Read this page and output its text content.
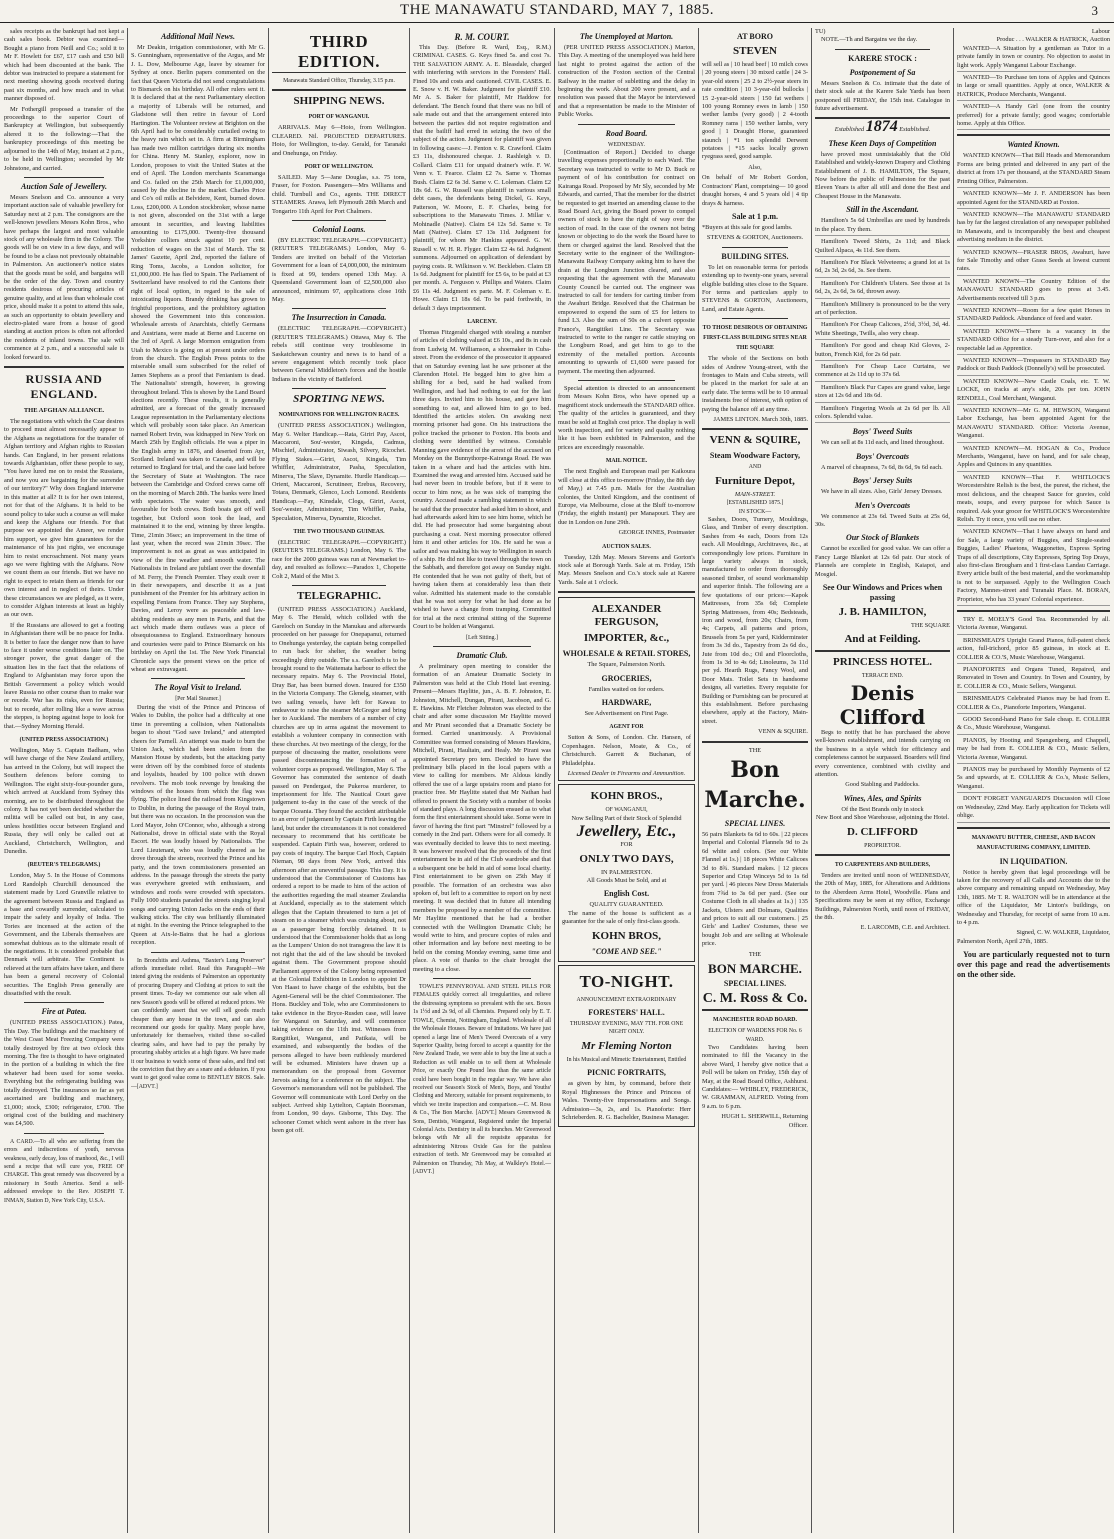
THE MANAWATU STANDARD, MAY 7, 1885.	3

sales receipts as the bankrupt had not kept a cash sales book. Debtor was examined—Bought a piano from Neill and Co.; sold it to Mr F. Howlett for £67, £17 cash and £50 bill which had been discounted at the bank. The debtor was instructed to prepare a statement for next meeting showing goods received during past six months, and how much and in what manner disposed of.

Mr Fothergill proposed a transfer of the proceedings to the superior Court of Bankruptcy at Wellington, but subsequently altered it to the following:—That the bankruptcy proceedings of this meeting be adjourned to the 14th of May, instant at 2 p.m., to be held in Wellington; seconded by Mr Johnstone, and carried.

Auction Sale of Jewellery.

Messrs Snelson and Co. announce a very important auction sale of valuable jewellery for Saturday next at 2 p.m. The consignors are the well-known jewellers Messrs Kohn Bros., who have perhaps the largest and most valuable stock of any wholesale firm in the Colony. The goods will be on view in a few days, and will be found to be a class not previously obtainable in Palmerston. An auctioneer's notice states that the goods must be sold, and bargains will be the order of the day. Town and country residents desirous of procuring articles of genuine quality, and at less than wholesale cost price, should make it a point to attend this sale, as such an opportunity to obtain jewellery and electro-plated ware from a house of good standing at auction prices is often not afforded the residents of inland towns. The sale will commence at 2 p.m., and a successful sale is looked forward to.

RUSSIA AND ENGLAND.
THE AFGHAN ALLIANCE.

The negotiations with which the Czar desires to proceed must almost necessarily appear to the Afghans as negotiations for the transfer of Afghan territory and Afghan rights to Russian hands. Can England, in her present relations towards Afghanistan, offer these people to say, "You have lured me on to resist the Russians, and now you are bargaining for the surrender of our territory?" Why does England intervene in this matter at all? It is for her own interest, not for that of the Afghans. It is held to be sound policy to take such a course as will make and keep the Afghans our friends. For that purpose we appointed the Ameer, we render him support, we give him guarantees for the maintenance of his just rights, we encourage him to resist encroachment. Not many years ago we were fighting with the Afghans. Now we count them as our friends. But we have no right to expect to retain them as friends for our own interest and in neglect of theirs. Under these circumstances we are pledged, as it were, to consider Afghan interests at least as highly as our own.

If the Russians are allowed to get a footing in Afghanistan there will be no peace for India. It is better to face the danger now than to have to face it under worse conditions later on. The stronger power, the great danger of the situation lies in the fact that the relations of England to Afghanistan may force upon the British Government a policy which would leave Russia no other course than to make war or recede. War has its risks, even for Russia; but to recede, after rolling like a wave across the steppes, is hoping against hope to look for that.—Sydney Morning Herald.

(UNITED PRESS ASSOCIATION.)

Wellington, May 5. Captain Badham, who will have charge of the New Zealand artillery, has arrived in the Colony, but will inspect the Southern defences before coming to Wellington. The eight sixty-four-pounder guns, which arrived at Auckland from Sydney this morning, are to be distributed throughout the colony. It has not yet been decided whether the militia will be called out but, in any case, unless hostilities occur between England and Russia, they will only be called out at Auckland, Christchurch, Wellington, and Dunedin.

(REUTER'S TELEGRAMS.)

London, May 5. In the House of Commons Lord Randolph Churchill denounced the statement made by Lord Granville relative to the agreement between Russia and England as a base and cowardly surrender, calculated to impair the safety and loyalty of India. The Tories are incensed at the action of the Government, and the Liberals themselves are somewhat dubious as to the ultimate result of the negotiations. It is considered probable that Denmark will arbitrate. The Continent is relieved at the turn affairs have taken, and there has been a general recovery of Colonial securities. The English Press generally are dissatisfied with the result.

Fire at Patea.

(UNITED PRESS ASSOCIATION.) Patea, This Day. The buildings and the machinery of the West Coast Meat Freezing Company were totally destroyed by fire at two o'clock this morning. The fire is thought to have originated in the portion of a building in which the fire whatever had been used for some weeks. Everything but the refrigerating building was totally destroyed. The insurances so far as yet ascertained are building and machinery, £1,000; stock, £300; refrigerator, £700. The original cost of the building and machinery was £4,500.

A CARD.—To all who are suffering from the errors and indiscretions of youth, nervous weakness, early decay, loss of manhood, &c., I will send a recipe that will cure you, FREE OF CHARGE. This great remedy was discovered by a missionary in South America. Send a self-addressed envelope to the Rev. JOSEPH T. INMAN, Station D, New York City, U.S.A.

Additional Mail News.

Mr Deakin, irrigation commissioner, with Mr G. S. Gunningham, representative of the Argus, and Mr J. L. Dow, Melbourne Age, leave by steamer for Sydney at once. Berlin papers commented on the fact that Queen Victoria did not send congratulations to Bismarck on his birthday. All other rulers sent it. It is declared that at the next Parliamentary election a majority of Liberals will be returned, and Gladstone will then retire in favour of Lord Hartington. The Volunteer review at Brighton on the 6th April had to be considerably curtailed owing to the heavy rain which set in. A firm at Birmingham has made two million cartridges during six months for China. Henry M. Stanley, explorer, now in London, proposes to visit the United States at the end of April. The London merchants Scaramanga and Co. failed on the 25th March for £1,000,000, caused by the decline in the market. Charles Price and Co's oil mills at Belvidere, Kent, burned down. Loss, £200,000. A London stockbroker, whose name is not given, absconded on the 31st with a large amount in securities, and leaving liabilities amounting to £175,000. Twenty-five thousand Yorkshire colliers struck against 10 per cent. reduction of wages on the 31st of March. The St James' Gazette, April 2nd, reported the failure of Ring Toms, Jacobs, a London solicitor, for £1,000,000. He has fled to Spain. The Parliament of Switzerland have resolved to rid the Cantons their right of local option, in regard to the sale of intoxicating liquors. Brandy drinking has grown to frightful proportions, and the prohibitory agitation showed the Government into this concession. Wholesale arrests of Anarchists, chiefly Germans and Austrians, were made at Berne and Lucerne on the 3rd of April. A large Mormon emigration from Utah to Mexico is going on at present under orders from the church. The English Press points to the miserable small sum subscribed for the relief of James Stephens as a proof that Fenianism is dead. The Nationalists' strength, however, is growing throughout Ireland. This is shown by the Land Board elections recently. These results, it is generally admitted, are a forecast of the greatly increased League representation in the Parliamentary elections which will probably soon take place. An American named Robert Irvin, was kidnapped in New York on March 25th by English officials. He was a piper in the English army in 1876, and deserted from Ayr, Scotland. Ireland was taken to Canada, and will be returned to England for trial, and the case laid before the Secretary of State at Washington. The race between the Cambridge and Oxford crews came off on the morning of March 28th. The banks were lined with spectators. The water was smooth, and favourable for both crews. Both boats got off well together, but Oxford soon took the lead, and maintained it to the end, winning by three lengths. Time, 21min 36sec; an improvement in the time of last year, when the record was 21min 39sec. The improvement is not as great as was anticipated in view of the fine weather and smooth water. The Nationalists in Ireland are jubilant over the downfall of M. Ferry, the French Premier. They exult over it in their newspapers, and describe it as a just punishment of the Premier for his arbitrary action in expelling Fenians from France. They say Stephens, Davies, and Leroy were as peaceable and law-abiding residents as any men in Paris, and that the act which made them outlaws was a piece of obsequiousness to England. Extraordinary honours and courtesies were paid to Prince Bismarck on his birthday on April the 1st. The New York Financial Chronicle says the present views on the price of wheat are extravagant.

The Royal Visit to Ireland.
[Per Mail Steamer.]

During the visit of the Prince and Princess of Wales to Dublin, the police had a difficulty at one time in preventing a collision, when Nationalists began to shout "God save Ireland," and attempted cheers for Parnell. An attempt was made to burn the Union Jack, which had been stolen from the Mansion House by students, but the attacking party were driven off by the combined force of students and loyalists, headed by 100 police with drawn revolvers. The mob took revenge by breaking the windows of the houses from which the flag was flying. The police lined the railroad from Kingstown to Dublin, in during the passage of the Royal train, but there was no occasion. In the procession was the Lord Mayor, John O'Connor, who, although a strong Nationalist, drove in official state with the Royal Escort. He was loudly hissed by Nationalists. The Lord Lieutenant, who was loudly cheered as he drove through the streets, received the Prince and his party, and the town commissioners presented an address. In the passage through the streets the party was everywhere greeted with enthusiasm, and windows and roofs were crowded with spectators. Fully 1000 students paraded the streets singing loyal songs and carrying Union Jacks on the ends of their walking sticks. The city was brilliantly illuminated at night. In the evening the Prince telegraphed to the Queen at Aix-le-Bains that he had a glorious reception.

In Bronchitis and Asthma, "Baxter's Lung Preserver" affords immediate relief. Read this Paragraph!—We intend giving the residents of Palmerston an opportunity of procuring Drapery and Clothing at prices to suit the present times. To-day we commence our sale when all new Season's goods will be offered at reduced prices. We can confidently assert that we will sell goods much cheaper than any house in the town, and can also recommend our goods for quality. Many people have, unfortunately for themselves, visited these so-called clearing sales, and have had to pay the penalty by procuring shabby articles at a high figure. We have made it our business to watch some of these sales, and find out the conviction that they are a snare and a delusion. If you want to get good value come to BENTLEY BROS. Sale.—[ADVT.]

THIRD EDITION.
Manawatu Standard Office, Thursday, 3.15 p.m.
SHIPPING NEWS.
PORT OF WANGANUI.

ARRIVALS. May 6—Hoio, from Wellington. CLEARED. Nil. PROJECTED DEPARTURES. Hoio, for Wellington, to-day. Gerald, for Taranaki and Onehunga, on Friday.

PORT OF WELLINGTON.

SAILED. May 5—Jane Douglas, s.s. 75 tons, Fraser, for Foxton. Passengers—Mrs Williams and child. Turnbull and Co., agents. THE DIRECT STEAMERS. Arawa, left Plymouth 28th March and Tongariro 11th April for Port Chalmers.

Colonial Loans.

(BY ELECTRIC TELEGRAPH.—COPYRIGHT.) (REUTER'S TELEGRAMS.) London, May 6. Tenders are invited on behalf of the Victorian Government for a loan of £4,000,000, the minimum is fixed at 99, tenders opened 13th May. A Queensland Government loan of £2,500,000 also announced, minimum 97, applications close 16th May.

The Insurrection in Canada.

(ELECTRIC TELEGRAPH.—COPYRIGHT.) (REUTER'S TELEGRAMS.) Ottawa, May 6. The rebels still continue very troublesome in Saskatchewan country and news is to hand of a severe engagement which recently took place between General Middleton's forces and the hostile Indians in the vicinity of Battleford.

SPORTING NEWS.
NOMINATIONS FOR WELLINGTON RACES.

(UNITED PRESS ASSOCIATION.) Wellington, May 6. Welter Handicap.—Rata, Giriri Pay, Ascot, Maccaroni, Sou'-wester, Kingsda, Cadmus, Mischief, Administrator, Siwash, Silvery, Ricochet. Flying Stakes.—Giriri, Ascot, Kingsda, Tim Whiffler, Administrator, Pasha, Speculation, Minerva, The Slave, Dynamite. Hurdle Handicap.—Orient, Maccaroni, Scrutineer, Erebus, Recovery, Totara, Denmark, Glenco, Loch Lomond. Residents Handicap.—Fay, Kinsdale, Clogs, Giriri, Ascot, Sou'-wester, Administrator, Tim Whiffler, Pasha, Speculation, Minerva, Dynamite, Ricochet.

THE TWO THOUSAND GUINEAS.

(ELECTRIC TELEGRAPH.—COPYRIGHT.) (REUTER'S TELEGRAMS.) London, May 6. The race for the 2000 guineas was run at Newmarket to-day, and resulted as follows:—Paradox 1, Chopette Colt 2, Maid of the Mist 3.

TELEGRAPHIC.

(UNITED PRESS ASSOCIATION.) Auckland, May 6. The Herald, which collided with the Gareloch on Sunday in the Manukau and afterwards proceeded on her passage for Onepapanui, returned to Onehunga yesterday, the captain being compelled to run back for shelter, the weather being exceedingly dirty outside. The s.s. Gareloch is to be brought round to the Waitemata harbour to effect the necessary repairs. May 6. The Provincial Hotel, Dray Bar, has been burned down. Insured for £350 in the Victoria Company. The Glenelg, steamer, with two sailing vessels, have left for Kawau to endeavour to raise the steamer McGregor and bring her to Auckland. The members of a number of city churches are up in arms against the movement to establish a volunteer company in connection with these churches. At two meetings of the clergy, for the purpose of discussing the matter, resolutions were passed discountenancing the formation of a volunteer corps as proposed. Wellington, May 6. The Governor has commuted the sentence of death passed on Pendergast, the Pukeroa murderer, to imprisonment for life. The Nautical Court gave judgement to-day in the case of the wreck of the barque Oceania. They found the accident attributable to an error of judgement by Captain Firth leaving the land, but under the circumstances it is not considered necessary to recommend that his certificate be suspended. Captain Firth was, however, ordered to pay costs of inquiry. The barque Carl Hoch, Captain Nieman, 98 days from New York, arrived this afternoon after an uneventful passage. This Day. It is understood that the Commissioner of Customs has ordered a report to be made to him of the action of the authorities regarding the mail steamer Zealandia at Auckland, especially as to the statement which alleges that the Captain threatened to turn a jet of steam on to a steamer which was cruising about, not as a passenger being forcibly detained. It is understood that the Commissioner holds that as long as the Lumpers' Union do not transgress the law it is not right that the aid of the law should be invoked against them. The Government propose should Parliament approve of the Colony being represented at the Colonial Exhibition in London to appoint Dr Von Haast to have charge of the exhibits, but the Agent-General will be the chief Commissioner. The Hons. Buckley and Tole, who are Commissioners to take evidence in the Bryce-Rusden case, will leave for Wanganui on Saturday, and will commence taking evidence on the 11th inst. Witnesses from Rangitikei, Wanganui, and Patikaia, will be examined, and subsequently the bodies of the persons alleged to have been ruthlessly murdered will be exhumed. Ministers have drawn up a memorandum on the proposal from Governor Jervois asking for a conference on the subject. The Governor's memorandum will not be published. The Governor will communicate with Lord Derby on the subject. Arrived ship Lyttelton, Captain Boorsman, from London, 90 days. Gisborne, This Day. The schooner Comet which went ashore in the river has been got off.

R. M. COURT.

This Day. (Before R. Ward, Esq., R.M.) CRIMINAL CASES. G. Keys fined 5s. and cost 7s. THE SALVATION ARMY. A. E. Bleasdale, charged with interfering with services in the Foresters' Hall. Fined 10s and costs and cautioned. CIVIL CASES. E. E. Snow v. H. W. Baker. Judgment for plaintiff £10. Mr A. S. Baker for plaintiff, Mr Haddow for defendant. The Bench found that there was no bill of sale made out and that the arrangement entered into between the parties did not require registration and that the bailiff had erred in seizing the two of the subject of the action. Judgment for plaintiff was given in following cases:—J. Fenton v. R. Crawford. Claim £3 11s, dishonoured cheque. J. Rashleigh v. D. Collard. Claim £11 for unpaid drainer's wife. F. W. Venn v. T. Fearce. Claim £2 7s. Same v. Thomas Bush. Claim £2 6s 3d. Same v. C. Loleman. Claim £2 18s 6d. G. W. Russell was plaintiff in various small debt cases, the defendants being Dickel, G. Keys, Patterson, W. Moore, E. F. Charles, being for subscriptions to the Manawatu Times. J. Millar v. Mohinadle (Native). Claim £4 12s 5d. Same v. Te Mati (Native). Claim £7 13s 11d. Judgment for plaintiff, for whom Mr Hankins appeared. G. W. Russell v. W. H. R. Flyger. Claim £2 4s 6d. Judgment summons. Adjourned on application of defendant by paying costs. R. Wilkinson v. W. Beckleben. Claim £8 1s 6d. Judgment for plaintiff for £5 6s, to be paid at £3 per month. A. Ferguson v. Phillips and Waters. Claim £6 11s 4d. Judgment ex parte. M. F. Coleman v. E. Howe. Claim £1 18s 6d. To be paid forthwith, in default 3 days imprisonment.

LARCENY.

Thomas Fitzgerald charged with stealing a number of articles of clothing valued at £6 10s., and 8s in cash from Ludwig M. Williamson, a shoemaker in Cuba-street. From the evidence of the prosecutor it appeared that on Saturday evening last he saw prisoner at the Clarendon Hotel. He begged him to give him a shilling for a bed, said he had walked from Wellington, and had had nothing to eat for the last three days. Invited him to his house, and gave him something to eat, and allowed him to go to bed. Identified the articles stolen. On awaking next morning prisoner had gone. On his instructions the police tracked the prisoner to Foxton. His boots and clothing were identified by witness. Constable Manning gave evidence of the arrest of the accused on Monday on the Bunnythorpe-Kairanga Road. He was taken in a whare and had the articles with him. Examined the swag and arrested him. Accused said he had never been in trouble before, but if it were to occur to him now, as he was sick of tramping the country. Accused made a rambling statement in which he said that the prosecutor had asked him to shoot, and had afterwards asked him to see him home, which he did. He had prosecutor had some bargaining about purchasing a coat. Next morning prosecutor offered him it and other articles for 10s. He said he was a sailor and was making his way to Wellington in search of a ship. He did not like to travel through the town on the Sabbath, and therefore got away on Sunday night. He contended that he was not guilty of theft, but of having taken them at considerably less than their value. Admitted his statement made to the constable that he was not sorry for what he had done as he wished to have a change from tramping. Committed for trial at the next criminal sitting of the Supreme Court to be holden at Wanganui.

[Left Sitting.]
Dramatic Club.

A preliminary open meeting to consider the formation of an Amateur Dramatic Society in Palmerston was held at the Club Hotel last evening. Present—Messrs Haylitte, jun., A. B. F. Johnston, E. Johnston, Mitchell, Dungan, Pirani, Jacobson, and G. E. Hawkins. Mr Fletcher Johnston was elected to the chair and after some discussion Mr Haylitte moved and Mr Pirani seconded that a Dramatic Society be formed. Carried unanimously. A Provisional Committee was formed consisting of Messrs Hawkins, Mitchell, Pirani, Haultain, and Healy. Mr Pirani was appointed Secretary pro tem. Decided to have the preliminary bills placed in the local papers with a view to calling for members. Mr Aldous kindly offered the use of a large upstairs room and piano for practice free. Mr Haylitte stated that Mr Nathan had offered to present the Society with a number of books of standard plays. A long discussion ensued as to what form the first entertainment should take. Some were in favor of having the first part "Minstrel" followed by a comedy in the 2nd part. Others were for all comedy. It was eventually decided to leave this to next meeting. It was however resolved that the proceeds of the first entertainment be in aid of the Club wardrobe and that a subsequent one be held in aid of some local charity. First entertainment to be given on 25th May if possible. The formation of an orchestra was also spoken of, but left to a committee to report on by next meeting. It was decided that in future all intending members be proposed by a member of the committee. Mr Haylitte mentioned that he had a brother connected with the Wellington Dramatic Club; he would write to him, and procure copies of rules and other information and lay before next meeting to be held on the coming Monday evening, same time and place. A vote of thanks to the chair brought the meeting to a close.

TOWLE'S PENNYROYAL AND STEEL PILLS FOR FEMALES quickly correct all irregularities, and relieve the distressing symptoms so prevalent with the sex. Boxes 1s 1½d and 2s 9d, of all Chemists. Prepared only by E. T. TOWLE, Chemist, Nottingham, England. Wholesale of all the Wholesale Houses. Beware of Imitations. We have just opened a large line of Men's Tweed Overcoats of a very Superior Quality, being forced to accept a quantity for the New Zealand Trade, we were able to buy the line at such a Reduction as will enable us to sell them at Wholesale Price, or exactly One Pound less than the same article could have been bought in the regular way. We have also received our Season's Stock of Men's, Boys, and Youths' Clothing and Mercery, suitable for present requirements, to which we invite inspection and comparison.—C. M. Ross & Co., The Bon Marche. [ADVT.] Messrs Greenwood & Sons, Dentists, Wanganui, Registered under the Imperial Colonial Acts. Dentistry in all its branches. Mr Greenwood belongs with Mr all the requisite apparatus for administering Nitrous Oxide Gas for the painless extraction of teeth. Mr Greenwood may be consulted at Palmerston on Thursday, 7th May, at Walkley's Hotel.—[ADVT.]

The Unemployed at Marton.

(PER UNITED PRESS ASSOCIATION.) Marton, This Day. A meeting of the unemployed was held here last night to protest against the action of the construction of the Foxton section of the Central Railway in the matter of subletting and the delay in beginning the work. About 200 were present, and a resolution was passed that the Mayor be interviewed and that a representation be made to the Minister of Public Works.

Road Board.
WEDNESDAY.

[Continuation of Report.] Decided to charge travelling expenses proportionally to each Ward. The Secretary was instructed to write to Mr D. Buck re payment of of his contribution for contract on Kairanga Road. Proposed by Mr Sly, seconded by Mr Edwards, and carried, That the member for the district be requested to get inserted an amending clause to the Road Board Act, giving the Board power to compel owners of stock to have the right of way over the section of road. In the case of the owners not being known or objecting to do the work the Board have to them or charged against the land. Resolved that the Secretary write to the engineer of the Wellington-Manawatu Railway Company asking him to have the drain at the Longburn Junction cleared, and also requesting that the agreement with the Manawatu County Council be carried out. The engineer was instructed to call for tenders for carting timber from the Awahuri Bridge. Resolved that the Chairman be empowered to expend the sum of £5 for letters to fund L3. Also the sum of 50s on a culvert opposite France's, Rangitikei Line. The Secretary was instructed to write to the ranger re cattle straying on the Longburn Road, and get him to go to the extremity of the metalled portion. Accounts amounting to upwards of £1,600 were passed for payment. The meeting then adjourned.

Special attention is directed to an announcement from Messrs Kohn Bros, who have opened up a magnificent stock underneath the STANDARD office. The quality of the articles is guaranteed, and they must be sold at English cost price. The display is well worth inspection, and for variety and quality nothing like it has been exhibited in Palmerston, and the prices are exceedingly reasonable.

MAIL NOTICE.

The next English and European mail per Kaikoura will close at this office to-morrow (Friday, the 8th day of May,) at 7.45 p.m. Mails for the Australian colonies, the United Kingdom, and the continent of Europe, via Melbourne, close at the Bluff to-morrow (Friday, the eighth instant) per Manapouri. They are due in London on June 29th.

GEORGE INNES, Postmaster
AUCTION SALES.

Tuesday, 12th May. Messrs Stevens and Gorton's stock sale at Borough Yards. Sale at m. Friday, 15th May. Messrs Snelson and Co.'s stock sale at Karere Yards. Sale at 1 o'clock.

ALEXANDER FERGUSON,
IMPORTER, &c.,
WHOLESALE & RETAIL STORES,
The Square, Palmerston North.
GROCERIES,
Families waited on for orders.
HARDWARE,
See Advertisement on First Page.
AGENT FOR

Sutton & Sons, of London. Chr. Hansen, of Copenhagen. Nelson, Moate, & Co., of Christchurch. Garrett & Buchanan, of Philadelphia.

Licensed Dealer in Firearms and Ammunition.
KOHN BROS.,
OF WANGANUI,
Now Selling Part of their Stock of Splendid
Jewellery, Etc.,
FOR
ONLY TWO DAYS,
IN PALMERSTON.
All Goods Must be Sold, and at
English Cost.
QUALITY GUARANTEED.

The name of the house is sufficient as a guarantee for the sale of only first-class goods.

KOHN BROS,
"COME AND SEE."
TO-NIGHT.
ANNOUNCEMENT EXTRAORDINARY
FORESTERS' HALL.
THURSDAY EVENING, MAY 7TH. FOR ONE NIGHT ONLY.
Mr Fleming Norton
In his Musical and Mimetic Entertainment, Entitled
PICNIC FORTRAITS,

as given by him, by command, before their Royal Highnesses the Prince and Princess of Wales. Twenty-five Impersonations and Songs. Admission—3s, 2s, and 1s. Pianoforte: Herr Schrieberden. R. G. Bachelder, Business Manager.

AT BORO
STEVEN
will sell as | 10 head beef | 10 milch cows | 20 young steers | 30 mixed cattle | 24 3-year-old steers | 25 2 to 2½-year steers in rate condition | 10 3-year-old bullocks | 15 2-year-old steers | 150 fat wethers | 100 young Romney ewes in lamb | 150 wether lambs (very good) | 2 4-tooth Romney rams | 150 wether lambs, very good | 1 Draught Horse, guaranteed staunch | *1 ton splendid Derwent potatoes | *15 sacks locally grown ryegrass seed, good sample.
Also,
On behalf of Mr Robert Gordon, Contractors' Plant, comprising— 10 good draught horses, 4 and 5 years old | 4 tip drays & harness.
Sale at 1 p.m.
*Buyers at this sale for good lambs.
STEVENS & GORTON, Auctioneers.
BUILDING SITES.

To let on reasonable terms for periods extending up to twenty-one years, several eligible building sites close to the Square. For terms and particulars apply to STEVENS & GORTON, Auctioneers, Land, and Estate Agents.

TO THOSE DESIROUS OF OBTAINING FIRST-CLASS BUILDING SITES NEAR THE SQUARE

The whole of the Sections on both sides of Andrew Young-street, with the frontages to Main and Cuba streets, will be placed in the market for sale at an early date. The terms will be to 10 annual instalments free of interest, with option of paying the balance off at any time.

JAMES LINTON. March 30th, 1885.
VENN & SQUIRE,
Steam Woodware Factory,
AND
Furniture Depot,
MAIN-STREET.
[ESTABLISHED 1875.]
IN STOCK—

Sashes, Doors, Turnery, Mouldings, Glass, and Timber of every description. Sashes from 4s each, Doors from 12s each. All Mouldings, Architraves, &c., at correspondingly low prices. Furniture in large variety always in stock, manufactured to order from thoroughly seasoned timber, of sound workmanship and superior finish. The following are a few quotations of our prices:—Kapok Mattresses, from 35s 6d; Complete Spring Mattresses, from 40s; Bedsteads, iron and wood, from 20s; Chairs, from 4s; Carpets, all patterns and prices, Brussels from 5s per yard, Kidderminster from 3s 3d do., Tapestry from 2s 6d do., Jute from 10d do.; Oil and Floorcloths, from 1s 3d to 4s 6d; Linoleums, 3s 11d per yd. Hearth Rugs, Fancy Wool, and Door Mats. Toilet Sets in handsome designs, all varieties. Every requisite for Building or Furnishing can be procured at this establishment. Before purchasing elsewhere, apply at the Factory, Main-street.

VENN & SQUIRE.
THE
Bon Marche.
SPECIAL LINES.
56 pairs Blankets 6s 6d to 60s. | 22 pieces Imperial and Colonial Flannels 9d to 2s 6d white and colors. (See our White Flannel at 1s.) | 18 pieces White Calicoes 3d to 8¾. Standard makes. | 12 pieces Superior and Crisp Winceys 5d to 1s 6d per yard. | 46 pieces New Dress Materials from 7¾d to 3s 6d per yard. (See our Costume Cloth in all shades at 1s.) | 135 Jackets, Ulsters and Dolmans, Qualities and prices to suit all our customers. | 25 Girls' and Ladies' Costumes, these we bought Job and are selling at Wholesale price.
THE
BON MARCHE.
SPECIAL LINES.
C. M. Ross & Co.
MANCHESTER ROAD BOARD.
ELECTION OF WARDENS FOR No. 6 WARD.

Two Candidates having been nominated to fill the Vacancy in the above Ward, I hereby give notice that a Poll will be taken on Friday, 15th day of May, at the Road Board Office, Ashhurst. Candidates:— WHIBLEY, FREDERICK, W. GRAMMAN, ALFRED. Voting from 9 a.m. to 6 p.m.

HUGH L. SHERWILL, Returning Officer.
TU)

NOTE.—Th and Bargains we the day.

KARERE STOCK :
Postponement of Sa

Messrs Snelson & Co. intimate that the date of their stock sale at the Karere Sale Yards has been postponed till FRIDAY, the 15th inst. Catalogue in future advertisement.

Established 1874 Established.
These Keen Days of Competition

have proved most unmistakably that the Old Established and widely-known Drapery and Clothing Establishment of J. B. HAMILTON, The Square, Now before the public of Palmerston for the past Eleven Years is after all still and done the Best and Cheapest House in the Manawatu.

Still in the Ascendant.

Hamilton's 5s 6d Umbrellas are used by hundreds in the place. Try them.

Hamilton's Tweed Shirts, 2s 11d; and Black Quilted Alpaca, 4s 11d. See them.

Hamilton's For Black Velveteens; a grand lot at 1s 6d, 2s 3d, 2s 6d, 3s. See them.

Hamilton's For Children's Ulsters. See those at 1s 6d, 2s, 2s 6d, 3s 6d, thrown away.

Hamilton's Millinery is pronounced to be the very art of perfection.

Hamilton's For Cheap Calicoes, 2½d, 3½d, 3d, 4d. White Sheetings, Twills, also very cheap.

Hamilton's For good and cheap Kid Gloves, 2-button, French Kid, for 2s 6d pair.

Hamilton's For Cheap Lace Curtains, we commence at 2s 11d up to 37s 6d.

Hamilton's Black Fur Capes are grand value, large sizes at 12s 6d and 18s 6d.

Hamilton's Fingering Wools at 2s 6d per lb. All colors. Splendid value.

Boys' Tweed Suits

We can sell at 8s 11d each, and lined throughout.

Boys' Overcoats

A marvel of cheapness, 7s 6d, 8s 6d, 9s 6d each.

Boys' Jersey Suits

We have in all sizes. Also, Girls' Jersey Dresses.

Men's Overcoats

We commence at 23s 6d. Tweed Suits at 25s 6d, 30s.

Our Stock of Blankets

Cannot be excelled for good value. We can offer a Fancy Large Blanket at 12s 6d pair. Our stock of Flannels are complete in English, Kaiapoi, and Mosgiel.

See Our Windows and Prices when passing
J. B. HAMILTON,
THE SQUARE
And at Feilding.
PRINCESS HOTEL.
TERRACE END.
Denis Clifford

Begs to notify that he has purchased the above well-known establishment, and intends carrying on the business in a style which for efficiency and completeness cannot be surpassed. Boarders will find every convenience, combined with civility and attention.

Good Stabling and Paddocks.
Wines, Ales, and Spirits
Of the Best Brands only in stock
New Boot and Shoe Warehouse, adjoining the Hotel.
D. CLIFFORD
PROPRIETOR.
TO CARPENTERS AND BUILDERS,

Tenders are invited until noon of WEDNESDAY, the 20th of May, 1885, for Alterations and Additions to the Aberdeen Arms Hotel, Woodville. Plans and Specifications may be seen at my office, Exchange Buildings, Palmerston North, until noon of FRIDAY, the 8th.

E. LARCOMB, C.E. and Architect.
Labour
Produc . . . WALKER & HATRICK, Auction

WANTED—A Situation by a gentleman as Tutor in a private family in town or country. No objection to assist in light work. Apply Wanganui Labour Exchange.

WANTED—To Purchase ten tons of Apples and Quinces in large or small quantities. Apply at once, WALKER & HATRICK, Produce Merchants, Wanganui.

WANTED—A Handy Girl (one from the country preferred) for a private family; good wages; comfortable home. Apply at this Office.

Wanted Known.

WANTED KNOWN—That Bill Heads and Memorandum Forms are being printed and delivered in any part of the district at from 17s per thousand, at the STANDARD Steam Printing Office, Palmerston.

WANTED KNOWN—Mr J. F. ANDERSON has been appointed Agent for the STANDARD at Foxton.

WANTED KNOWN—The MANAWATU STANDARD has by far the largest circulation of any newspaper published in Manawatu, and is incomparably the best and cheapest advertising medium in the district.

WANTED KNOWN—FRASER BROS, Awahuri, have for Sale Timothy and other Grass Seeds at lowest current rates.

WANTED KNOWN—The Country Edition of the MANAWATU STANDARD goes to press at 3.45. Advertisements received till 3 p.m.

WANTED KNOWN—Room for a few quiet Horses in STANDARD Paddock. Abundance of feed and water.

WANTED KNOWN—There is a vacancy in the STANDARD Office for a steady Turn-over, and also for a respectable lad as Apprentice.

WANTED KNOWN—Trespassers in STANDARD Bay Paddock or Bush Paddock (Donnelly's) will be prosecuted.

WANTED KNOWN—New Castle Coals, etc. T. W. LOCKE, on tracks at any's side, 20s per ton. JOHN RENDELL, Coal Merchant, Wanganui.

WANTED KNOWN—Mr G. M. HEWSON, Wanganui Labor Exchange, has been appointed Agent for the MANAWATU STANDARD. Office: Victoria Avenue, Wanganui.

WANTED KNOWN—M. HOGAN & Co., Produce Merchants, Wanganui, have on hand, and for sale cheap, Apples and Quinces in any quantities.

WANTED KNOWN—That F. WHITLOCK'S Worcestershire Relish is the best, the purest, the richest, the most delicious, and the cheapest Sauce for gravies, cold meats, soups, and every purpose for which Sauce is required. Ask your grocer for WHITLOCK'S Worcestershire Relish. Try it once, you will use no other.

WANTED KNOWN—That I have always on hand and for Sale, a large variety of Buggies, and Single-seated Buggies, Ladies' Phaetons, Waggonettes, Express Spring Traps of all descriptions, City Expresses, Spring Top Drays, also first-class Brougham and 1 first-class Landau Carriage. Every article built of the best material, and the workmanship is not to be surpassed. Apply to the Wellington Coach Factory, Mannes-street and Turanaki Place. M. BORAN, Proprietor, who has 33 years' Colonial experience.

TRY E. MOELY'S Good Tea. Recommended by all. Victoria Avenue, Wanganui.

BRINSMEAD'S Upright Grand Pianos, full-patent check action, full-trichord, price 85 guineas, in stock at E. COLLIER & CO.'S, Music Warehouse, Wanganui.

PIANOFORTES and Organs Tuned, Repaired, and Renovated in Town and Country. In Town and Country, by E. COLLIER & CO., Music Sellers, Wanganui.

BRINSMEAD'S Celebrated Pianos may be had from E. COLLIER & Co., Pianoforte Importers, Wanganui.

GOOD Second-hand Piano for Sale cheap. E. COLLIER & Co., Music Warehouse, Wanganui.

PIANOS, by Hooting and Spangenberg, and Chappell, may be had from E. COLLIER & CO., Music Sellers, Victoria Avenue, Wanganui.

PIANOS may be purchased by Monthly Payments of £2 5s and upwards, at E. COLLIER & Co.'s, Music Sellers, Wanganui.

DON'T FORGET VANGUARD'S Discussion will Close on Wednesday, 22nd May. Early application for Tickets will oblige.

MANAWATU BUTTER, CHEESE, AND BACON MANUFACTURING COMPANY, LIMITED.
IN LIQUIDATION.

Notice is hereby given that legal proceedings will be taken for the recovery of all Calls and Accounts due to the above company and remaining unpaid on Wednesday, May 13th, 1885. Mr T. R. WALTON will be in attendance at the office of the Liquidator, Mr Linton's buildings, on Wednesday and Thursday, for receipt of same from 10 a.m. to 4 p.m.

Signed, C. W. WALKER, Liquidator,
Palmerston North, April 27th, 1885.

You are particularly requested not to turn over this page and read the advertisements on the other side.
